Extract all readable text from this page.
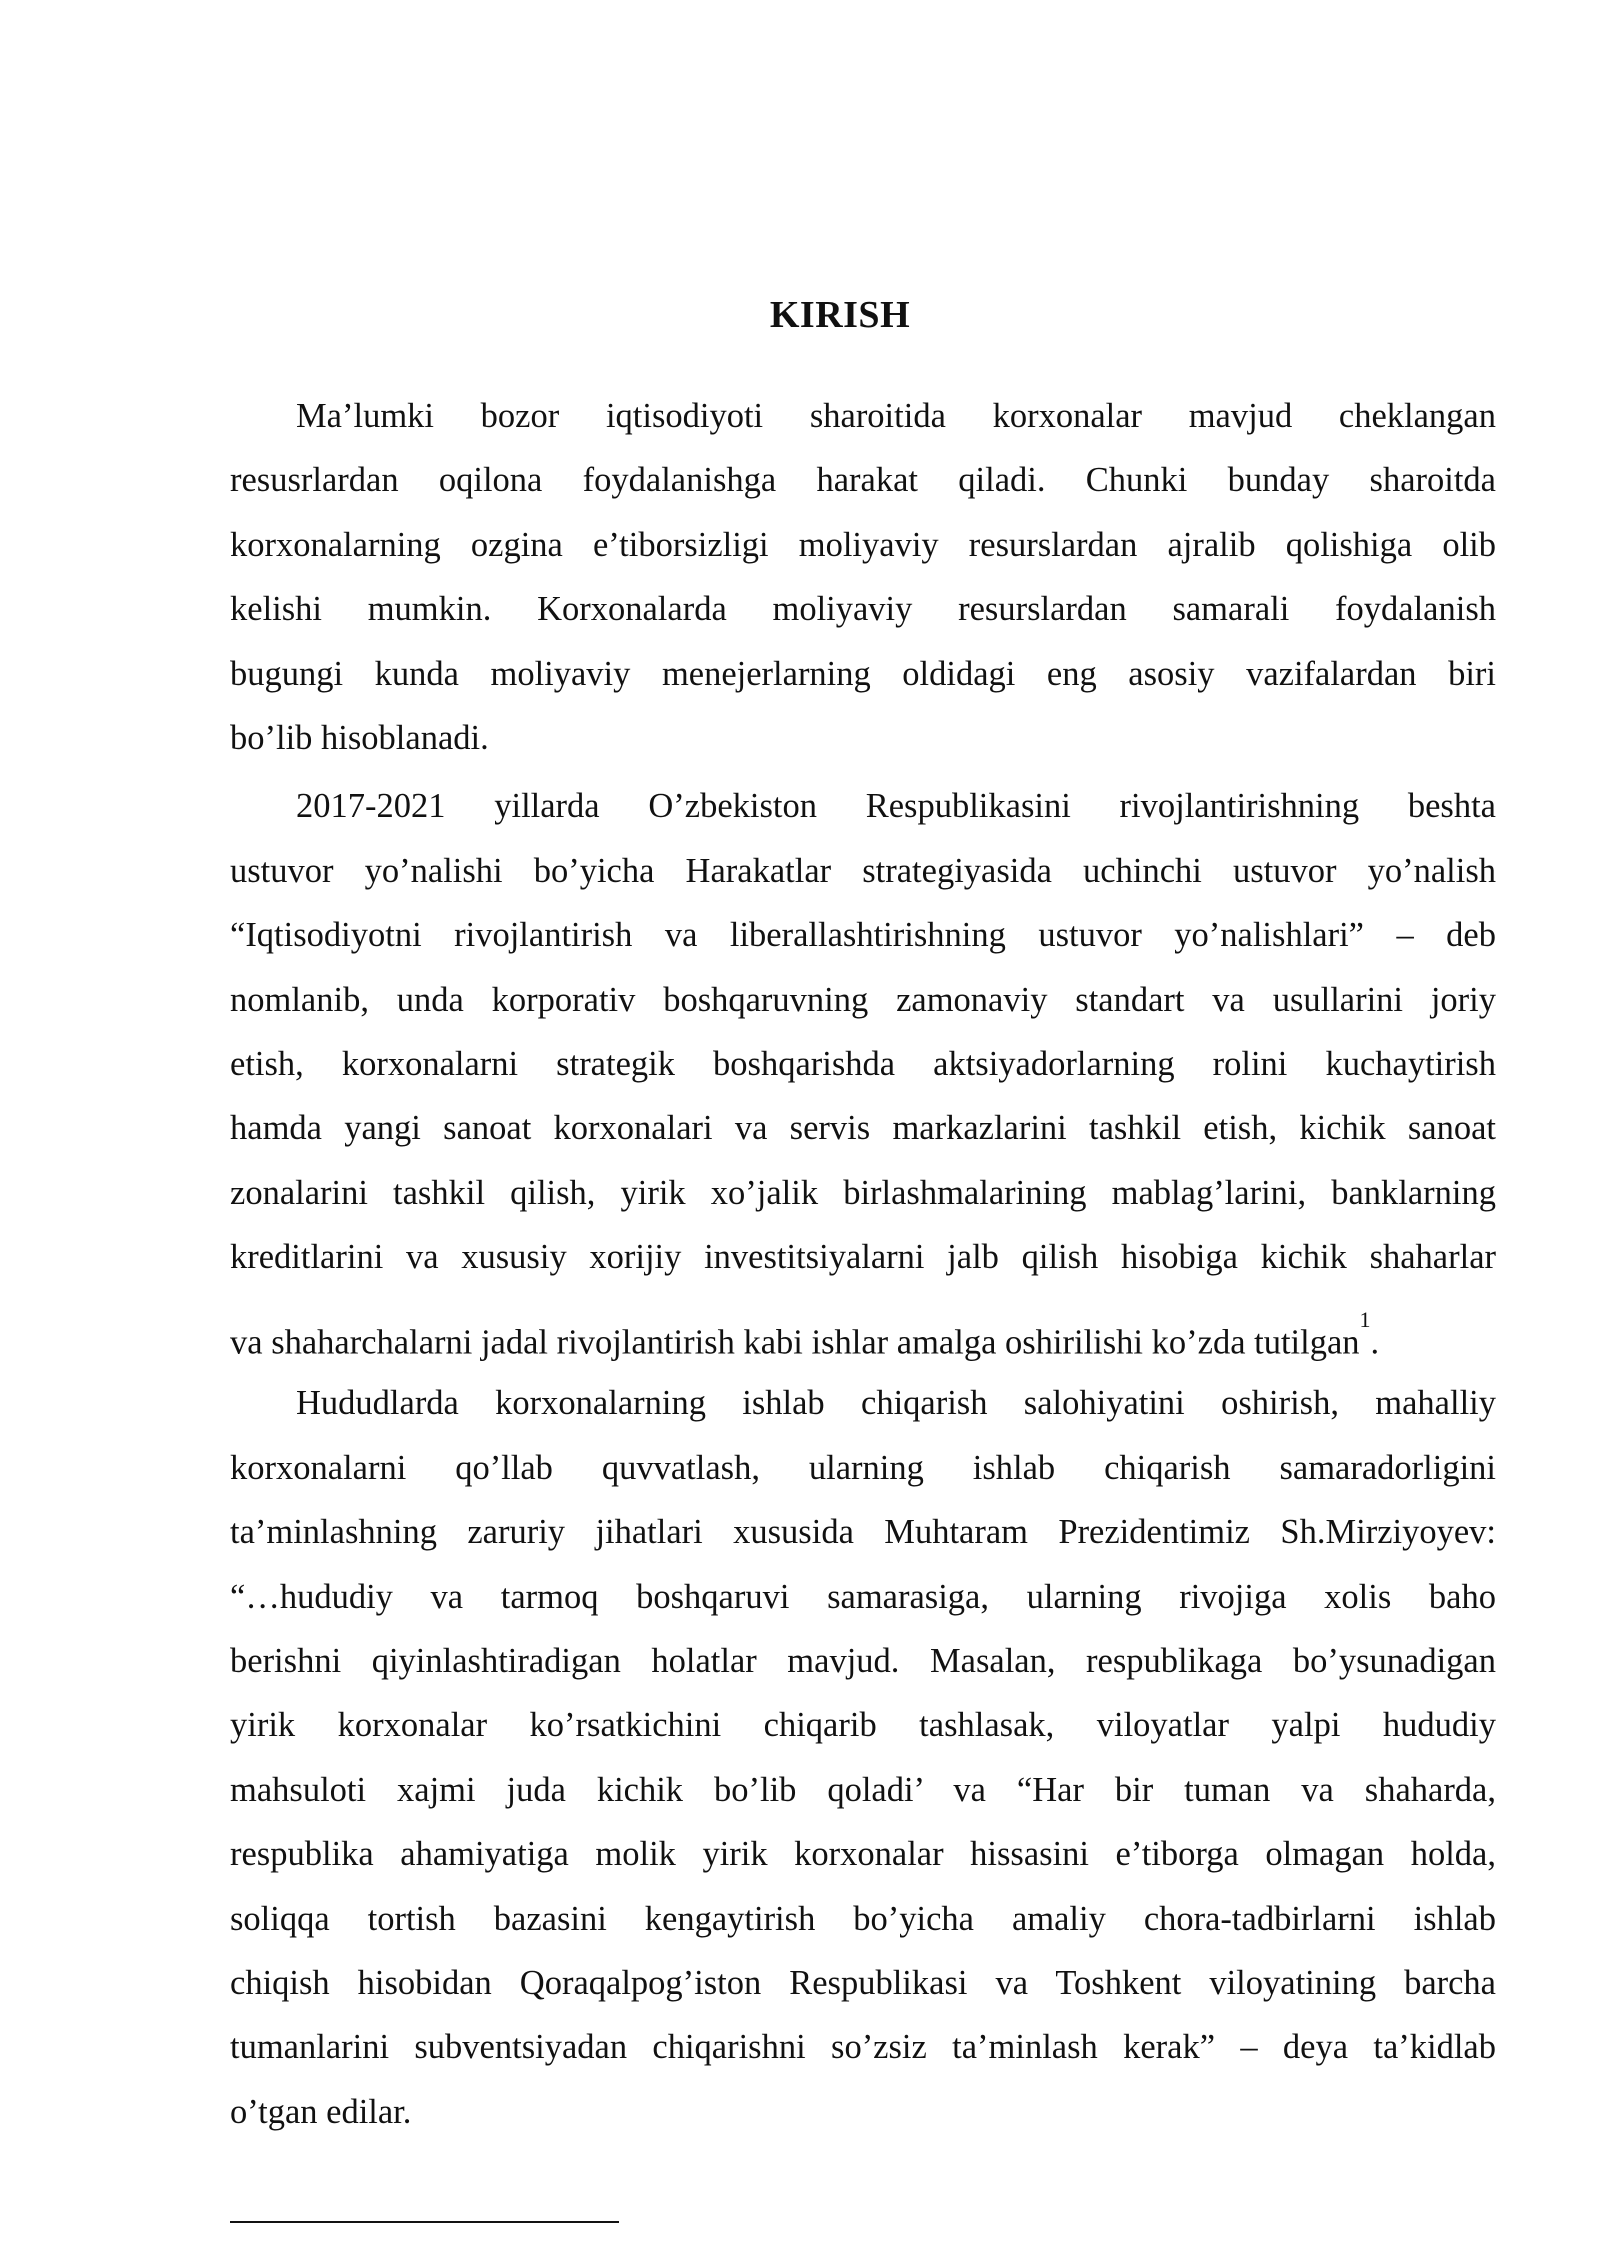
KIRISH
Ma’lumki bozor iqtisodiyoti sharoitida korxonalar mavjud cheklangan
resusrlardan oqilona foydalanishga harakat qiladi. Chunki bunday sharoitda
korxonalarning ozgina e’tiborsizligi moliyaviy resurslardan ajralib qolishiga olib
kelishi mumkin. Korxonalarda moliyaviy resurslardan samarali foydalanish
bugungi kunda moliyaviy menejerlarning oldidagi eng asosiy vazifalardan biri
bo’lib hisoblanadi.
2017-2021 yillarda O’zbekiston Respublikasini rivojlantirishning beshta
ustuvor yo’nalishi bo’yicha Harakatlar strategiyasida uchinchi ustuvor yo’nalish
“Iqtisodiyotni rivojlantirish va liberallashtirishning ustuvor yo’nalishlari” – deb
nomlanib, unda korporativ boshqaruvning zamonaviy standart va usullarini joriy
etish, korxonalarni strategik boshqarishda aktsiyadorlarning rolini kuchaytirish
hamda yangi sanoat korxonalari va servis markazlarini tashkil etish, kichik sanoat
zonalarini tashkil qilish, yirik xo’jalik birlashmalarining mablag’larini, banklarning
kreditlarini va xususiy xorijiy investitsiyalarni jalb qilish hisobiga kichik shaharlar
va shaharchalarni jadal rivojlantirish kabi ishlar amalga oshirilishi ko’zda tutilgan$^1$.
Hududlarda korxonalarning ishlab chiqarish salohiyatini oshirish, mahalliy
korxonalarni qo’llab quvvatlash, ularning ishlab chiqarish samaradorligini
ta’minlashning zaruriy jihatlari xususida Muhtaram Prezidentimiz Sh.Mirziyoyev:
“…hududiy va tarmoq boshqaruvi samarasiga, ularning rivojiga xolis baho
berishni qiyinlashtiradigan holatlar mavjud. Masalan, respublikaga bo’ysunadigan
yirik korxonalar ko’rsatkichini chiqarib tashlasak, viloyatlar yalpi hududiy
mahsuloti xajmi juda kichik bo’lib qoladi’ va “Har bir tuman va shaharda,
respublika ahamiyatiga molik yirik korxonalar hissasini e’tiborga olmagan holda,
soliqqa tortish bazasini kengaytirish bo’yicha amaliy chora-tadbirlarni ishlab
chiqish hisobidan Qoraqalpog’iston Respublikasi va Toshkent viloyatining barcha
tumanlarini subventsiyadan chiqarishni so’zsiz ta’minlash kerak” – deya ta’kidlab
o’tgan edilar.
